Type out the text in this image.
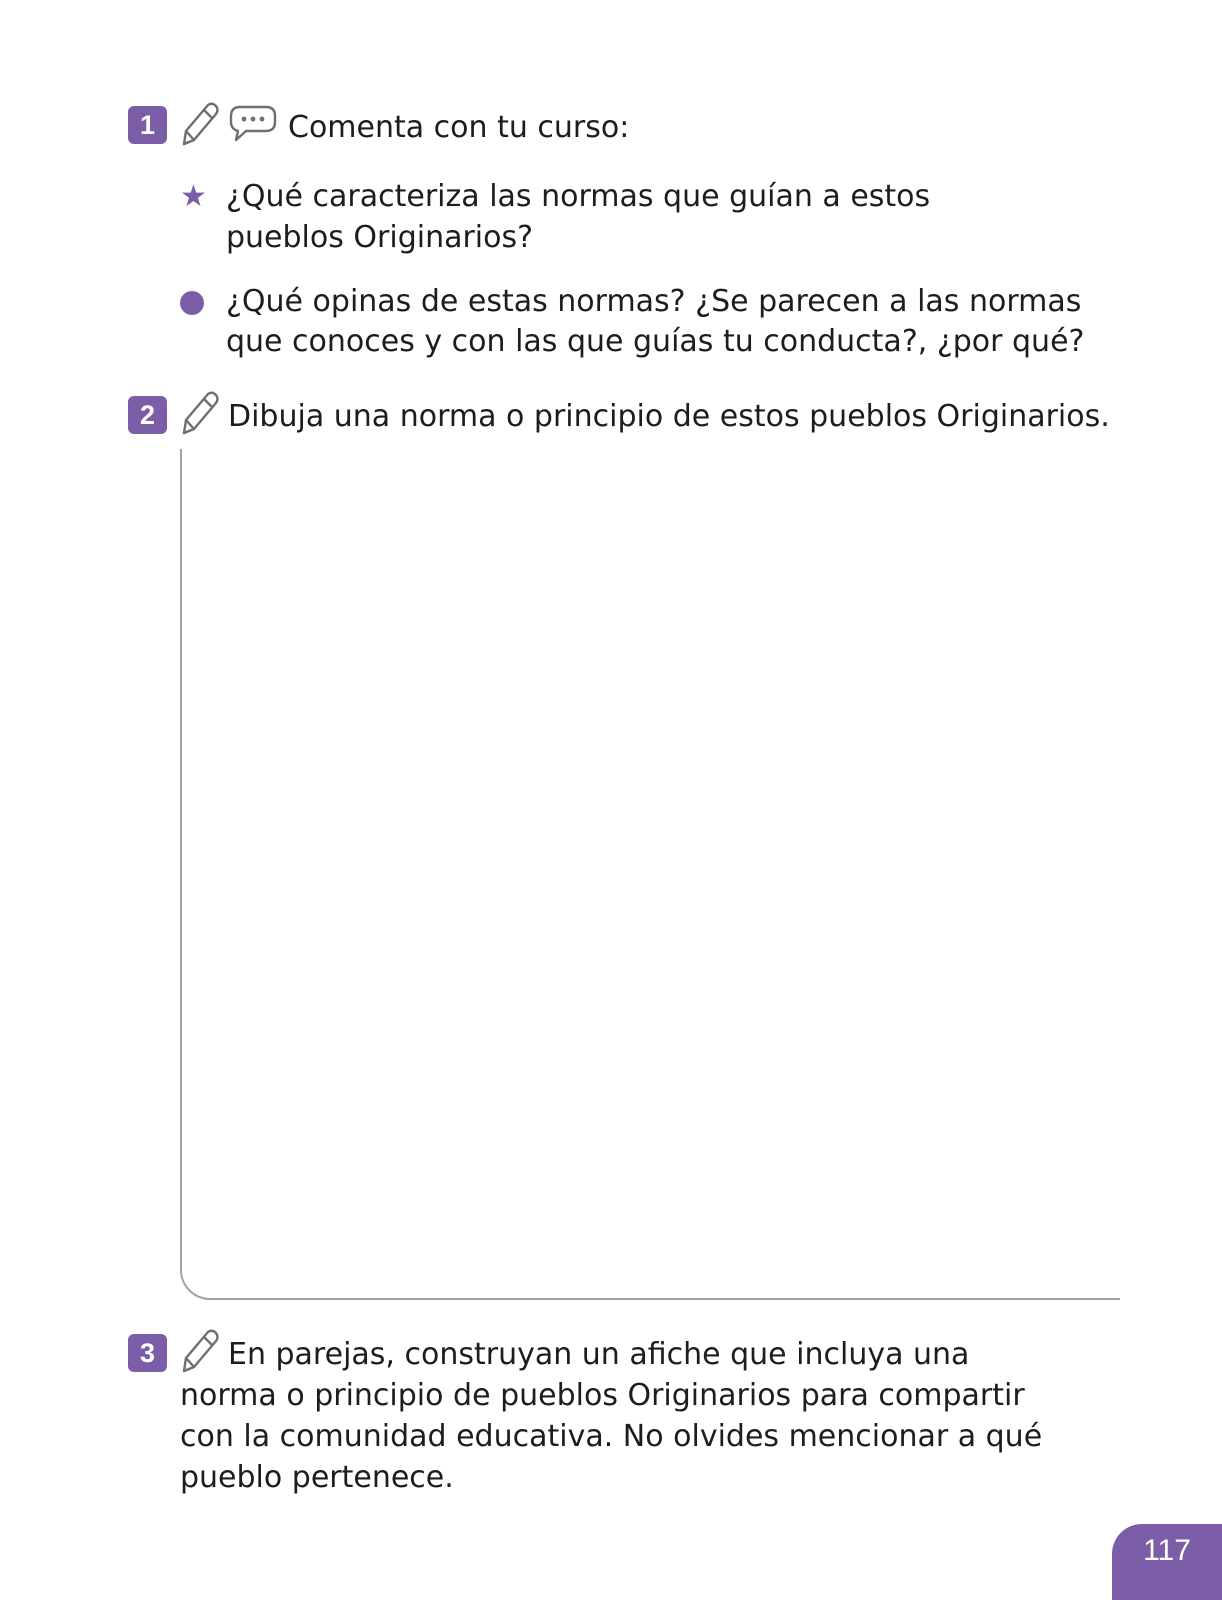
1	Comenta con tu curso:
★ ¿Qué caracteriza las normas que guían a estos
pueblos Originarios?
¿Qué opinas de estas normas? ¿Se parecen a las normas
que conoces y con las que guías tu conducta?, ¿por qué?
2	Dibuja una norma o principio de estos pueblos Originarios.
3	En parejas, construyan un afiche que incluya una
norma o principio de pueblos Originarios para compartir
con la comunidad educativa. No olvides mencionar a qué
pueblo pertenece.
117
